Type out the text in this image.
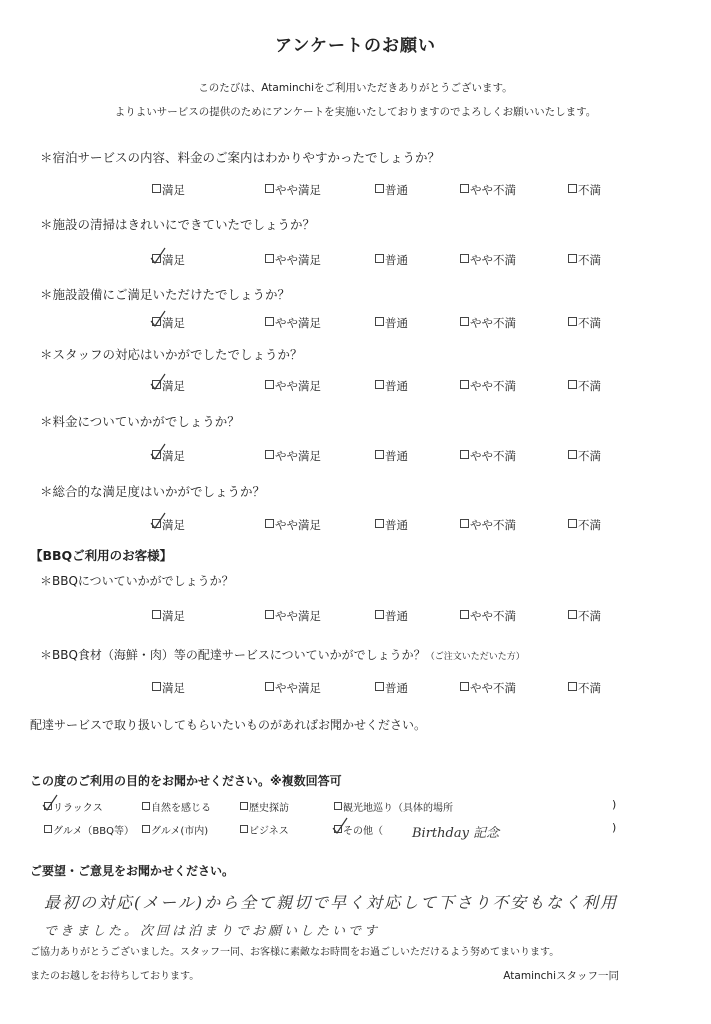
アンケートのお願い
このたびは、Ataminchiをご利用いただきありがとうございます。
よりよいサービスの提供のためにアンケートを実施いたしておりますのでよろしくお願いいたします。
＊宿泊サービスの内容、料金のご案内はわかりやすかったでしょうか？
満足	やや満足	普通	やや不満	不満
＊施設の清掃はきれいにできていたでしょうか？
満足	やや満足	普通	やや不満	不満
＊施設設備にご満足いただけたでしょうか？
満足	やや満足	普通	やや不満	不満
＊スタッフの対応はいかがでしたでしょうか？
満足	やや満足	普通	やや不満	不満
＊料金についていかがでしょうか？
満足	やや満足	普通	やや不満	不満
＊総合的な満足度はいかがでしょうか？
満足	やや満足	普通	やや不満	不満
【BBQご利用のお客様】
＊BBQについていかがでしょうか？
満足	やや満足	普通	やや不満	不満
＊BBQ食材（海鮮・肉）等の配達サービスについていかがでしょうか？（ご注文いただいた方）
満足	やや満足	普通	やや不満	不満
配達サービスで取り扱いしてもらいたいものがあればお聞かせください。
この度のご利用の目的をお聞かせください。※複数回答可
リラックス	自然を感じる	歴史探訪	観光地巡り（具体的場所	)
グルメ（BBQ等）	グルメ(市内)	ビジネス	その他（ Birthday 記念	)
ご要望・ご意見をお聞かせください。
最初の対応(メール)から全て親切で早く対応して下さり不安もなく利用
できました。次回は泊まりでお願いしたいです
ご協力ありがとうございました。スタッフ一同、お客様に素敵なお時間をお過ごしいただけるよう努めてまいります。
またのお越しをお待ちしております。	Ataminchiスタッフ一同
